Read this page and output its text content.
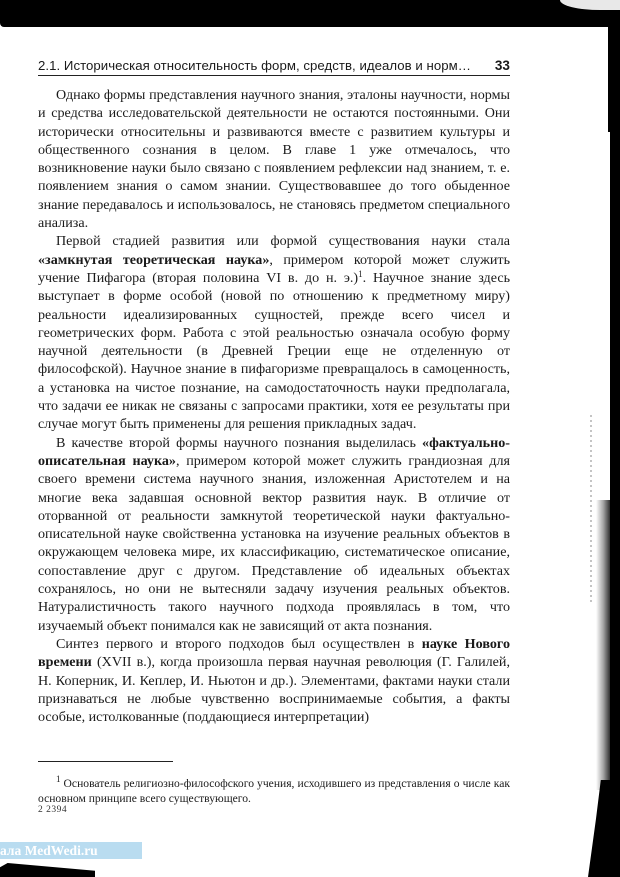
2.1. Историческая относительность форм, средств, идеалов и норм… 33

Однако формы представления научного знания, эталоны научности, нормы и средства исследовательской деятельности не остаются постоянными. Они исторически относительны и развиваются вместе с развитием культуры и общественного сознания в целом. В главе 1 уже отмечалось, что возникновение науки было связано с появлением рефлексии над знанием, т. е. появлением знания о самом знании. Существовавшее до того обыденное знание передавалось и использовалось, не становясь предметом специального анализа.

Первой стадией развития или формой существования науки стала «замкнутая теоретическая наука», примером которой может служить учение Пифагора (вторая половина VI в. до н. э.)$^1$. Научное знание здесь выступает в форме особой (новой по отношению к предметному миру) реальности идеализированных сущностей, прежде всего чисел и геометрических форм. Работа с этой реальностью означала особую форму научной деятельности (в Древней Греции еще не отделенную от философской). Научное знание в пифагоризме превращалось в самоценность, а установка на чистое познание, на самодостаточность науки предполагала, что задачи ее никак не связаны с запросами практики, хотя ее результаты при случае могут быть применены для решения прикладных задач.

В качестве второй формы научного познания выделилась «фактуально-описательная наука», примером которой может служить грандиозная для своего времени система научного знания, изложенная Аристотелем и на многие века задавшая основной вектор развития наук. В отличие от оторванной от реальности замкнутой теоретической науки фактуально-описательной науке свойственна установка на изучение реальных объектов в окружающем человека мире, их классификацию, систематическое описание, сопоставление друг с другом. Представление об идеальных объектах сохранялось, но они не вытесняли задачу изучения реальных объектов. Натуралистичность такого научного подхода проявлялась в том, что изучаемый объект понимался как не зависящий от акта познания.

Синтез первого и второго подходов был осуществлен в науке Нового времени (XVII в.), когда произошла первая научная революция (Г. Галилей, Н. Коперник, И. Кеплер, И. Ньютон и др.). Элементами, фактами науки стали признаваться не любые чувственно воспринимаемые события, а факты особые, истолкованные (поддающиеся интерпретации)

$^1$ Основатель религиозно-философского учения, исходившего из представления о числе как основном принципе всего существующего.

2 2394
ала MedWedi.ru
